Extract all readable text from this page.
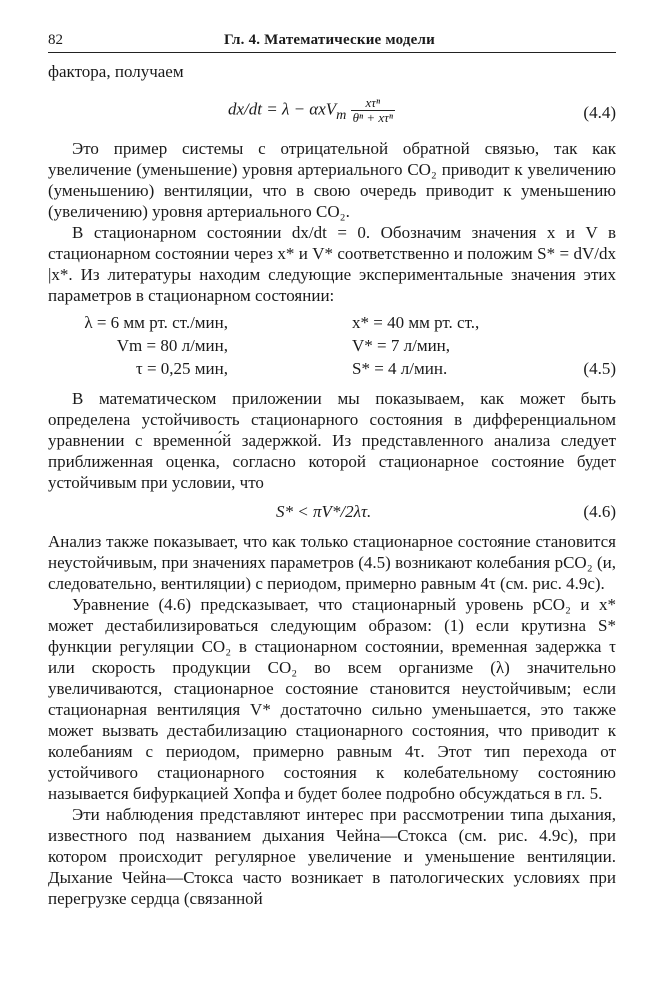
82	Гл. 4. Математические модели

фактора, получаем

$dx/dt = \lambda - \alpha xV_m \frac{\text{xτⁿ}}{\text{θⁿ + xτⁿ}}$	(4.4)

Это пример системы с отрицательной обратной связью, так как увеличение (уменьшение) уровня артериального CO₂ приводит к увеличению (уменьшению) вентиляции, что в свою очередь приводит к уменьшению (увеличению) уровня артериального CO₂.

В стационарном состоянии dx/dt = 0. Обозначим значения x и V в стационарном состоянии через x* и V* соответственно и положим S* = dV/dx |x*. Из литературы находим следующие экспериментальные значения этих параметров в стационарном состоянии:

λ = 6 мм рт. ст./мин,	x* = 40 мм рт. ст.,
Vm = 80 л/мин,	V* = 7 л/мин,
τ = 0,25 мин,	S* = 4 л/мин.	(4.5)

В математическом приложении мы показываем, как может быть определена устойчивость стационарного состояния в дифференциальном уравнении с временно́й задержкой. Из представленного анализа следует приближенная оценка, согласно которой стационарное состояние будет устойчивым при условии, что

S* < πV*/2λτ.	(4.6)

Анализ также показывает, что как только стационарное состояние становится неустойчивым, при значениях параметров (4.5) возникают колебания pCO₂ (и, следовательно, вентиляции) с периодом, примерно равным 4τ (см. рис. 4.9c).

Уравнение (4.6) предсказывает, что стационарный уровень pCO₂ и x* может дестабилизироваться следующим образом: (1) если крутизна S* функции регуляции CO₂ в стационарном состоянии, временная задержка τ или скорость продукции CO₂ во всем организме (λ) значительно увеличиваются, стационарное состояние становится неустойчивым; если стационарная вентиляция V* достаточно сильно уменьшается, это также может вызвать дестабилизацию стационарного состояния, что приводит к колебаниям с периодом, примерно равным 4τ. Этот тип перехода от устойчивого стационарного состояния к колебательному состоянию называется бифуркацией Хопфа и будет более подробно обсуждаться в гл. 5.

Эти наблюдения представляют интерес при рассмотрении типа дыхания, известного под названием дыхания Чейна—Стокса (см. рис. 4.9c), при котором происходит регулярное увеличение и уменьшение вентиляции. Дыхание Чейна—Стокса часто возникает в патологических условиях при перегрузке сердца (связанной
